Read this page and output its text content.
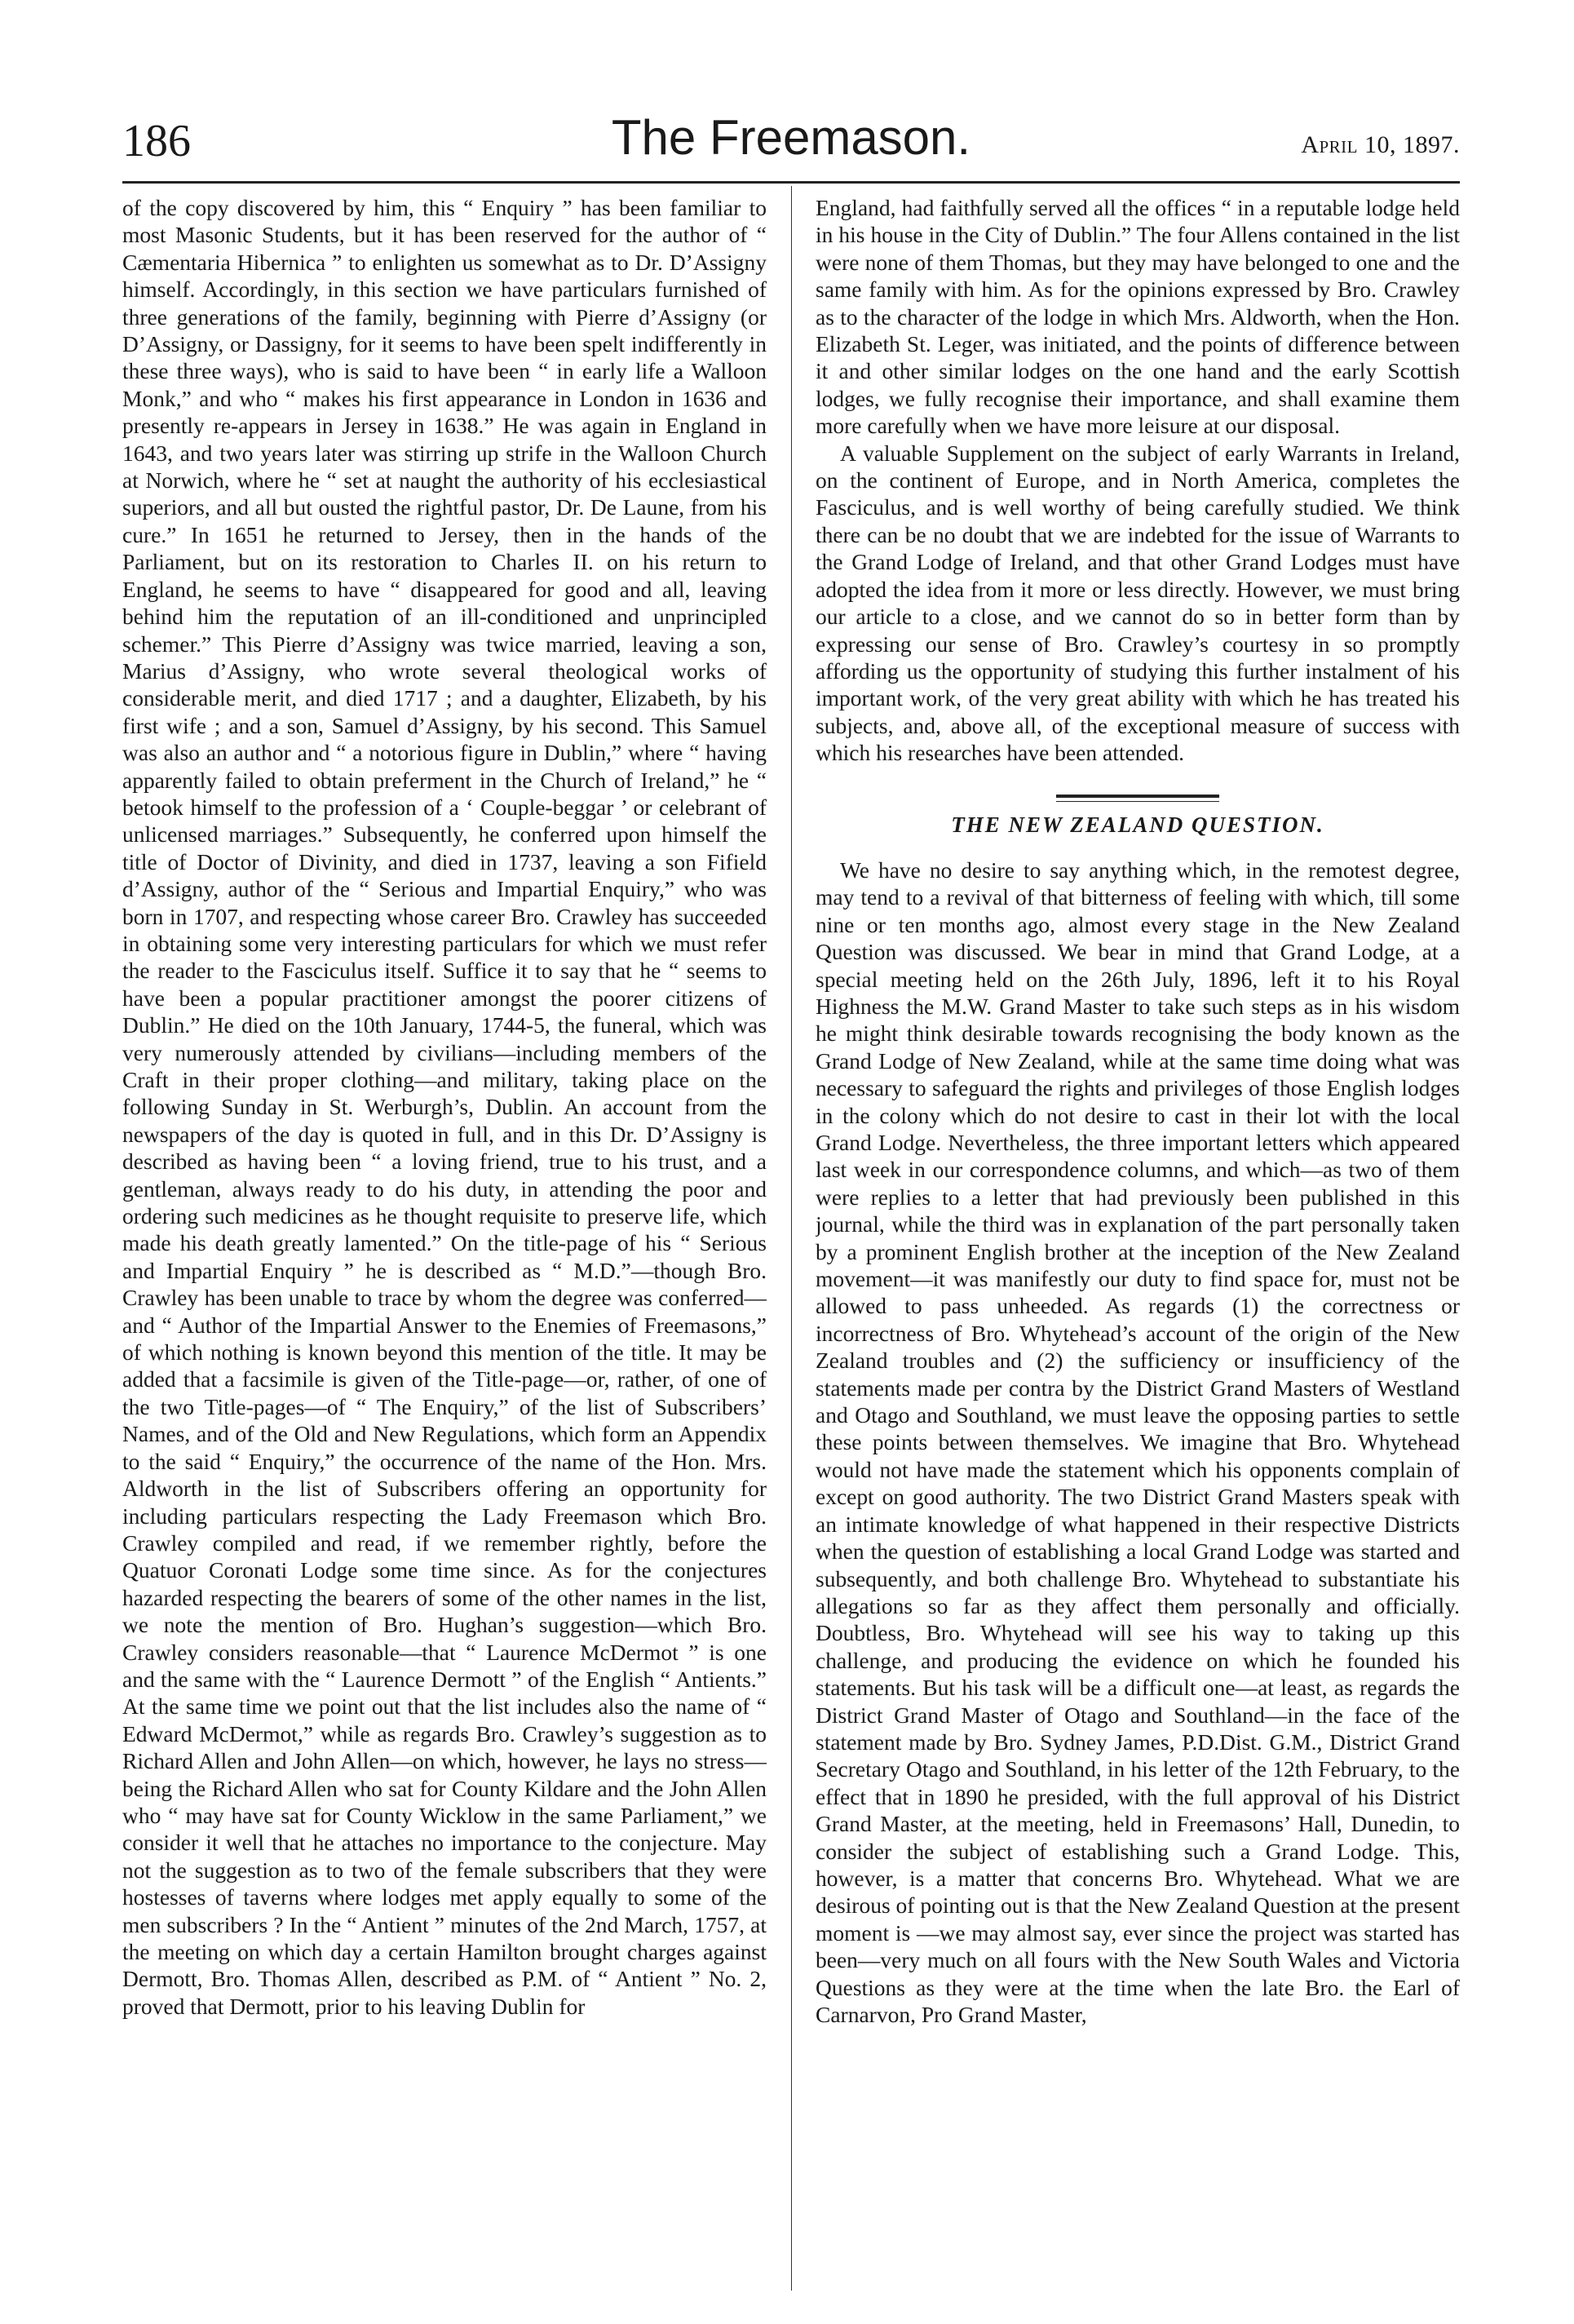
186	The Freemason.	April 10, 1897.

of the copy discovered by him, this “ Enquiry ” has been familiar to most Masonic Students, but it has been reserved for the author of “ Cæmentaria Hibernica ” to enlighten us somewhat as to Dr. D’Assigny himself. Accordingly, in this section we have particulars furnished of three generations of the family, beginning with Pierre d’Assigny (or D’Assigny, or Dassigny, for it seems to have been spelt indifferently in these three ways), who is said to have been “ in early life a Walloon Monk,” and who “ makes his first appearance in London in 1636 and presently re-appears in Jersey in 1638.” He was again in England in 1643, and two years later was stirring up strife in the Walloon Church at Norwich, where he “ set at naught the authority of his ecclesiastical superiors, and all but ousted the rightful pastor, Dr. De Laune, from his cure.” In 1651 he returned to Jersey, then in the hands of the Parliament, but on its restoration to Charles II. on his return to England, he seems to have “ disappeared for good and all, leaving behind him the reputation of an ill-conditioned and unprincipled schemer.” This Pierre d’Assigny was twice married, leaving a son, Marius d’Assigny, who wrote several theological works of considerable merit, and died 1717 ; and a daughter, Elizabeth, by his first wife ; and a son, Samuel d’Assigny, by his second. This Samuel was also an author and “ a notorious figure in Dublin,” where “ having apparently failed to obtain preferment in the Church of Ireland,” he “ betook himself to the profession of a ‘ Couple-beggar ’ or celebrant of unlicensed marriages.” Subsequently, he conferred upon himself the title of Doctor of Divinity, and died in 1737, leaving a son Fifield d’Assigny, author of the “ Serious and Impartial Enquiry,” who was born in 1707, and respecting whose career Bro. Crawley has succeeded in obtaining some very interesting particulars for which we must refer the reader to the Fasciculus itself. Suffice it to say that he “ seems to have been a popular practitioner amongst the poorer citizens of Dublin.” He died on the 10th January, 1744-5, the funeral, which was very numerously attended by civilians—including members of the Craft in their proper clothing—and military, taking place on the following Sunday in St. Werburgh’s, Dublin. An account from the newspapers of the day is quoted in full, and in this Dr. D’Assigny is described as having been “ a loving friend, true to his trust, and a gentleman, always ready to do his duty, in attending the poor and ordering such medicines as he thought requisite to preserve life, which made his death greatly lamented.” On the title-page of his “ Serious and Impartial Enquiry ” he is described as “ M.D.”—though Bro. Crawley has been unable to trace by whom the degree was conferred—and “ Author of the Impartial Answer to the Enemies of Freemasons,” of which nothing is known beyond this mention of the title. It may be added that a facsimile is given of the Title-page—or, rather, of one of the two Title-pages—of “ The Enquiry,” of the list of Subscribers’ Names, and of the Old and New Regulations, which form an Appendix to the said “ Enquiry,” the occurrence of the name of the Hon. Mrs. Aldworth in the list of Subscribers offering an opportunity for including particulars respecting the Lady Freemason which Bro. Crawley compiled and read, if we remember rightly, before the Quatuor Coronati Lodge some time since. As for the conjectures hazarded respecting the bearers of some of the other names in the list, we note the mention of Bro. Hughan’s suggestion—which Bro. Crawley considers reasonable—that “ Laurence McDermot ” is one and the same with the “ Laurence Dermott ” of the English “ Antients.” At the same time we point out that the list includes also the name of “ Edward McDermot,” while as regards Bro. Crawley’s suggestion as to Richard Allen and John Allen—on which, however, he lays no stress—being the Richard Allen who sat for County Kildare and the John Allen who “ may have sat for County Wicklow in the same Parliament,” we consider it well that he attaches no importance to the conjecture. May not the suggestion as to two of the female subscribers that they were hostesses of taverns where lodges met apply equally to some of the men subscribers ? In the “ Antient ” minutes of the 2nd March, 1757, at the meeting on which day a certain Hamilton brought charges against Dermott, Bro. Thomas Allen, described as P.M. of “ Antient ” No. 2, proved that Dermott, prior to his leaving Dublin for

England, had faithfully served all the offices “ in a reputable lodge held in his house in the City of Dublin.” The four Allens contained in the list were none of them Thomas, but they may have belonged to one and the same family with him. As for the opinions expressed by Bro. Crawley as to the character of the lodge in which Mrs. Aldworth, when the Hon. Elizabeth St. Leger, was initiated, and the points of difference between it and other similar lodges on the one hand and the early Scottish lodges, we fully recognise their importance, and shall examine them more carefully when we have more leisure at our disposal.

A valuable Supplement on the subject of early Warrants in Ireland, on the continent of Europe, and in North America, completes the Fasciculus, and is well worthy of being carefully studied. We think there can be no doubt that we are indebted for the issue of Warrants to the Grand Lodge of Ireland, and that other Grand Lodges must have adopted the idea from it more or less directly. However, we must bring our article to a close, and we cannot do so in better form than by expressing our sense of Bro. Crawley’s courtesy in so promptly affording us the opportunity of studying this further instalment of his important work, of the very great ability with which he has treated his subjects, and, above all, of the exceptional measure of success with which his researches have been attended.

THE NEW ZEALAND QUESTION.

We have no desire to say anything which, in the remotest degree, may tend to a revival of that bitterness of feeling with which, till some nine or ten months ago, almost every stage in the New Zealand Question was discussed. We bear in mind that Grand Lodge, at a special meeting held on the 26th July, 1896, left it to his Royal Highness the M.W. Grand Master to take such steps as in his wisdom he might think desirable towards recognising the body known as the Grand Lodge of New Zealand, while at the same time doing what was necessary to safeguard the rights and privileges of those English lodges in the colony which do not desire to cast in their lot with the local Grand Lodge. Nevertheless, the three important letters which appeared last week in our correspondence columns, and which—as two of them were replies to a letter that had previously been published in this journal, while the third was in explanation of the part personally taken by a prominent English brother at the inception of the New Zealand movement—it was manifestly our duty to find space for, must not be allowed to pass unheeded. As regards (1) the correctness or incorrectness of Bro. Whytehead’s account of the origin of the New Zealand troubles and (2) the sufficiency or insufficiency of the statements made per contra by the District Grand Masters of Westland and Otago and Southland, we must leave the opposing parties to settle these points between themselves. We imagine that Bro. Whytehead would not have made the statement which his opponents complain of except on good authority. The two District Grand Masters speak with an intimate knowledge of what happened in their respective Districts when the question of establishing a local Grand Lodge was started and subsequently, and both challenge Bro. Whytehead to substantiate his allegations so far as they affect them personally and officially. Doubtless, Bro. Whytehead will see his way to taking up this challenge, and producing the evidence on which he founded his statements. But his task will be a difficult one—at least, as regards the District Grand Master of Otago and Southland—in the face of the statement made by Bro. Sydney James, P.D.Dist. G.M., District Grand Secretary Otago and Southland, in his letter of the 12th February, to the effect that in 1890 he presided, with the full approval of his District Grand Master, at the meeting, held in Freemasons’ Hall, Dunedin, to consider the subject of establishing such a Grand Lodge. This, however, is a matter that concerns Bro. Whytehead. What we are desirous of pointing out is that the New Zealand Question at the present moment is —we may almost say, ever since the project was started has been—very much on all fours with the New South Wales and Victoria Questions as they were at the time when the late Bro. the Earl of Carnarvon, Pro Grand Master,
